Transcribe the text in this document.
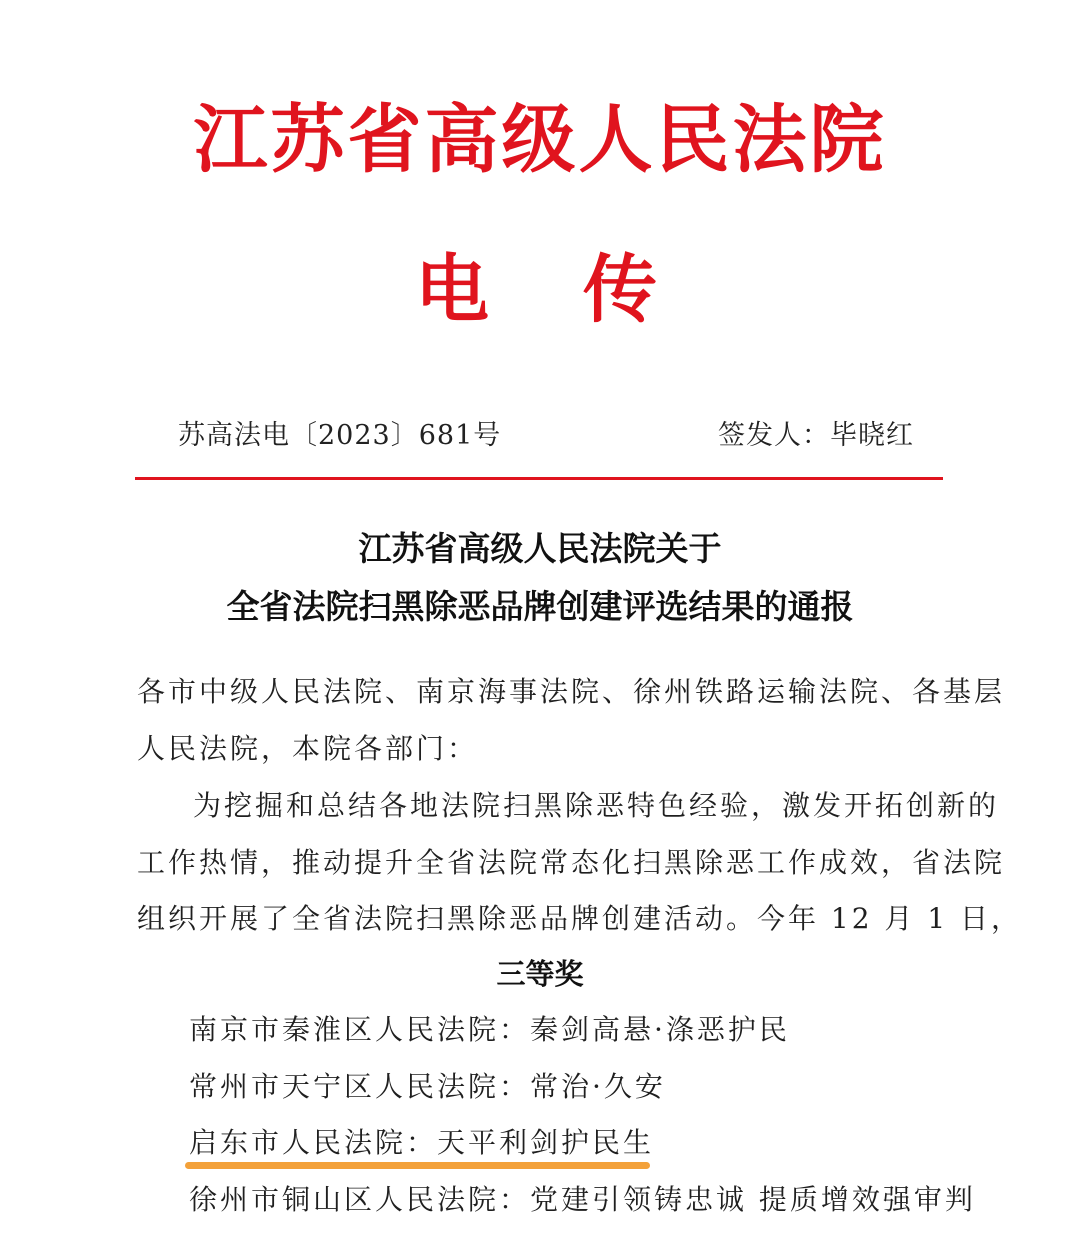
江苏省高级人民法院
电 传
苏高法电〔2023〕681号	签发人：毕晓红
江苏省高级人民法院关于
全省法院扫黑除恶品牌创建评选结果的通报
各市中级人民法院、南京海事法院、徐州铁路运输法院、各基层
人民法院，本院各部门：
为挖掘和总结各地法院扫黑除恶特色经验，激发开拓创新的
工作热情，推动提升全省法院常态化扫黑除恶工作成效，省法院
组织开展了全省法院扫黑除恶品牌创建活动。今年 12 月 1 日，
三等奖
南京市秦淮区人民法院：秦剑高悬·涤恶护民
常州市天宁区人民法院：常治·久安
启东市人民法院：天平利剑护民生
徐州市铜山区人民法院：党建引领铸忠诚 提质增效强审判
